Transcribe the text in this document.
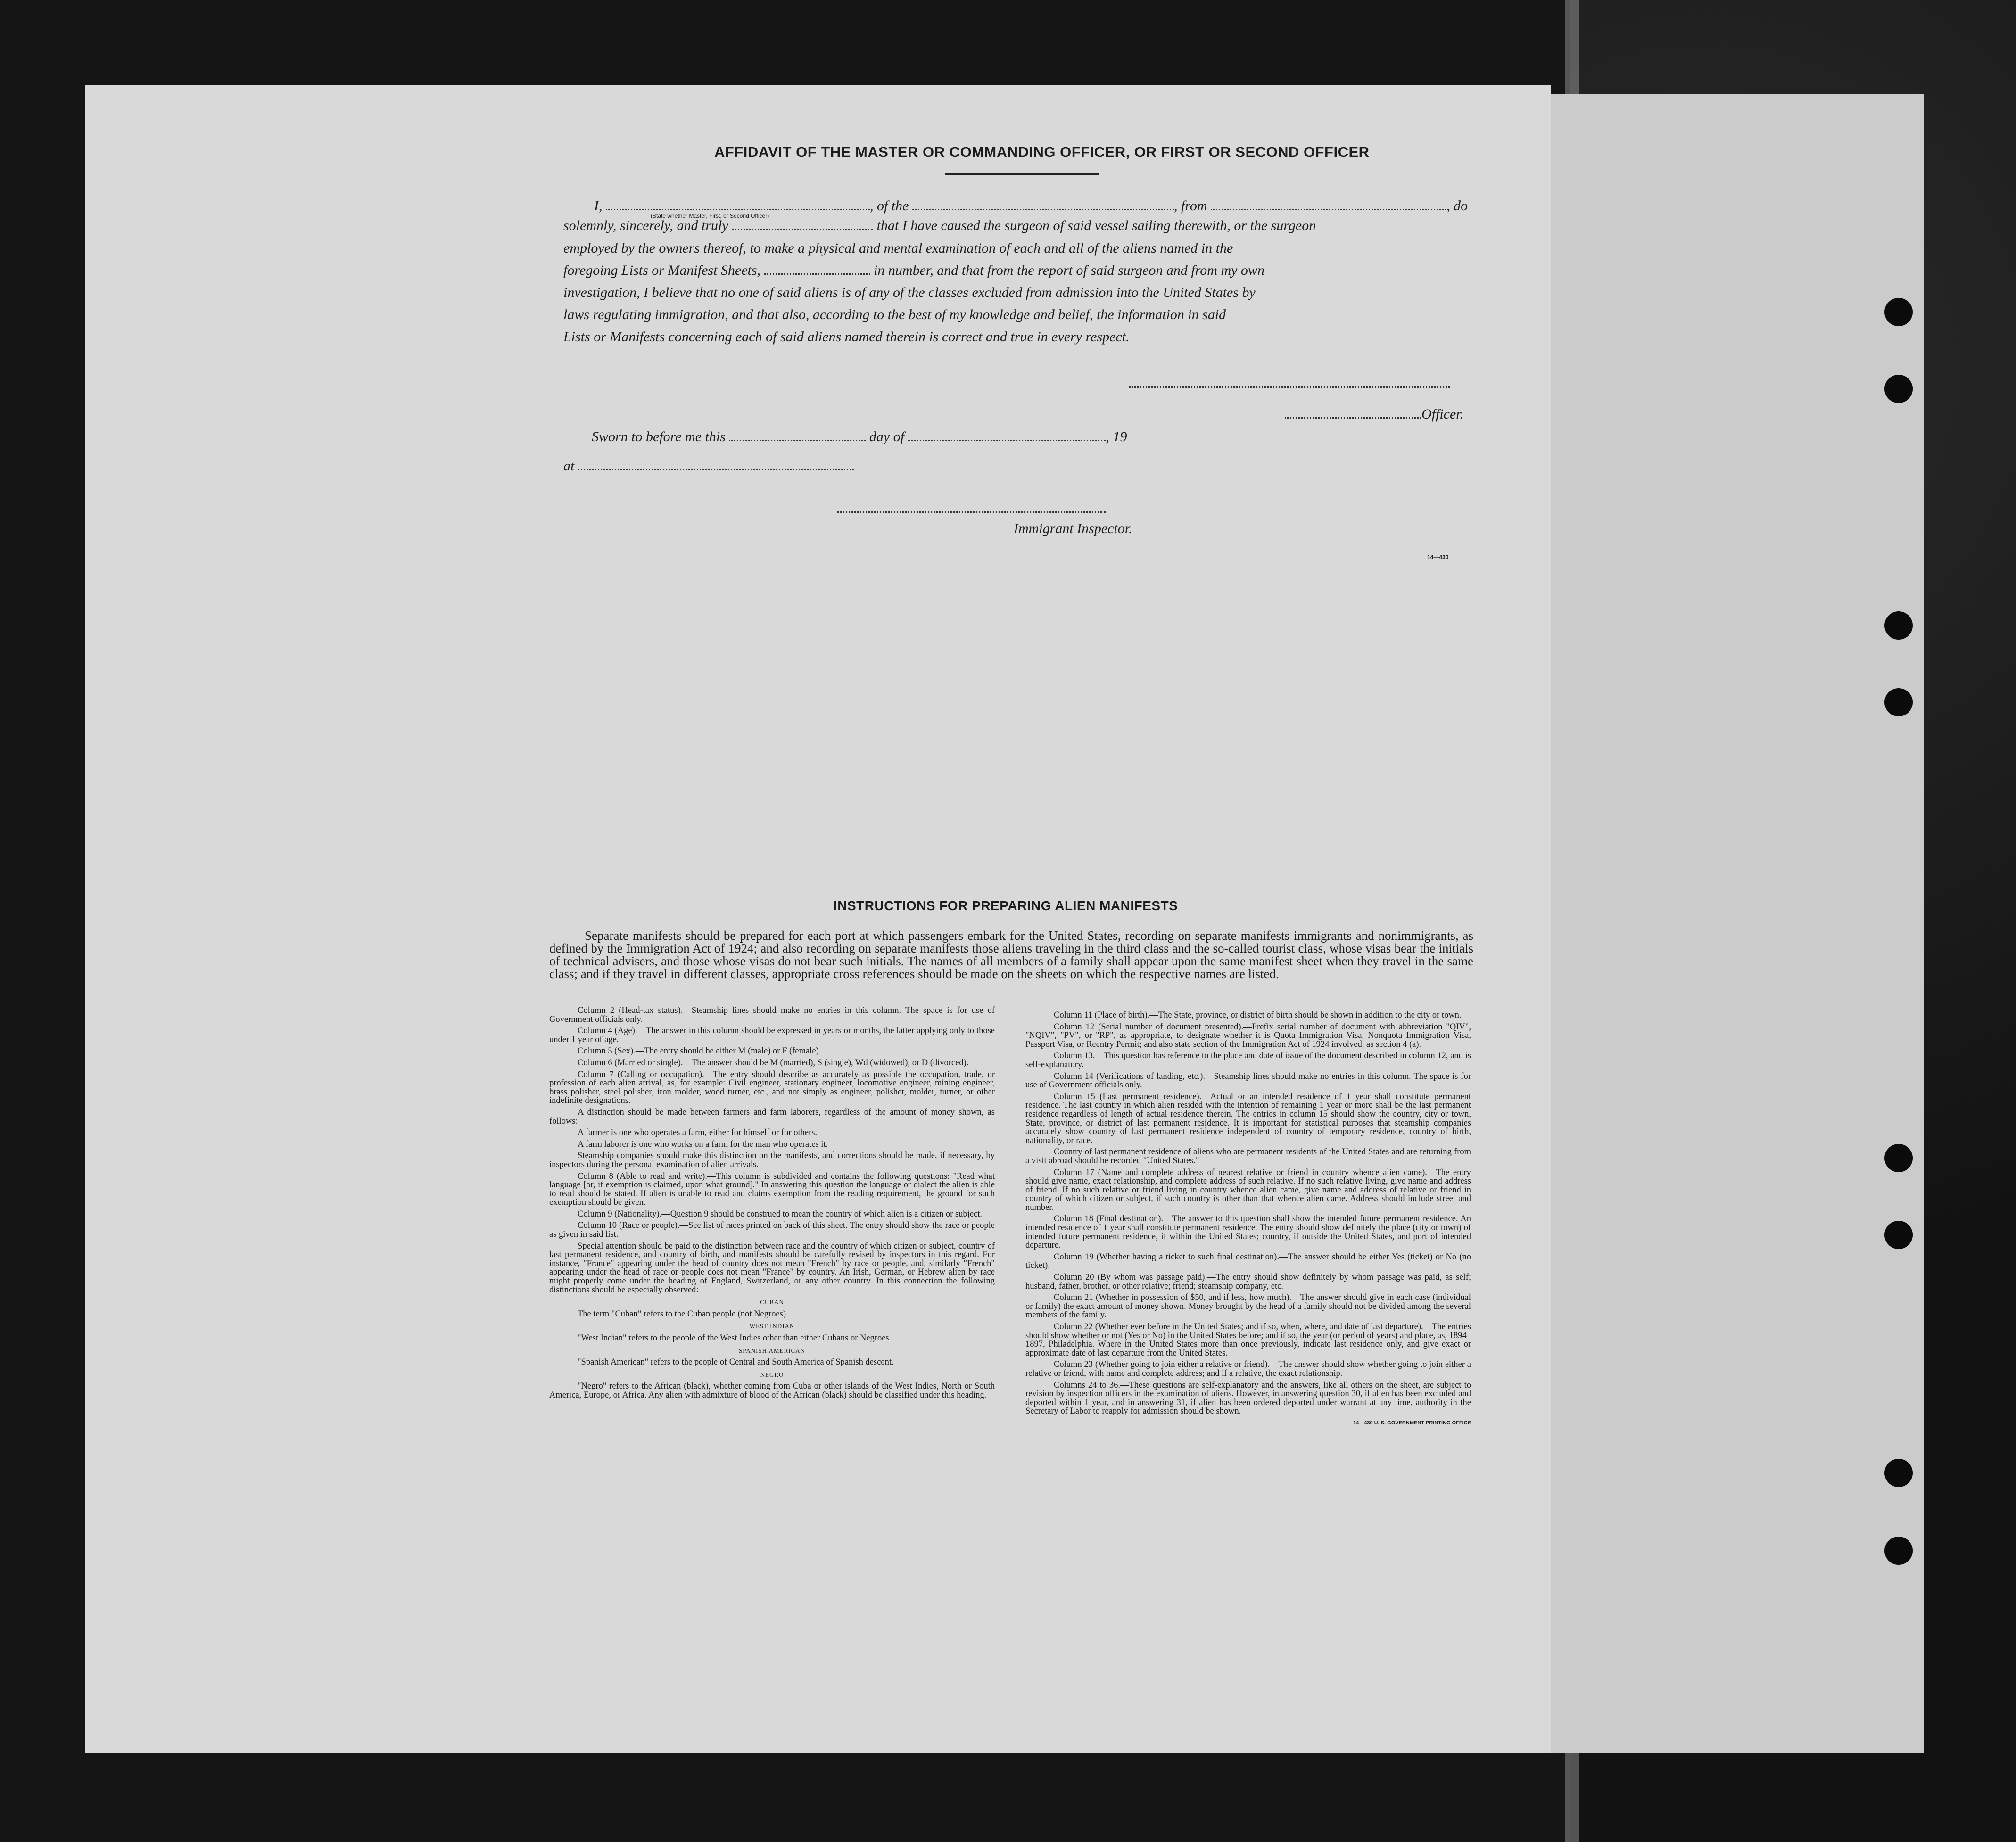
AFFIDAVIT OF THE MASTER OR COMMANDING OFFICER, OR FIRST OR SECOND OFFICER
I,	, of the	, from	, do
(State whether Master, First, or Second Officer)
solemnly, sincerely, and truly	that I have caused the surgeon of said vessel sailing therewith, or the surgeon
employed by the owners thereof, to make a physical and mental examination of each and all of the aliens named in the
foregoing Lists or Manifest Sheets,	in number, and that from the report of said surgeon and from my own
investigation, I believe that no one of said aliens is of any of the classes excluded from admission into the United States by
laws regulating immigration, and that also, according to the best of my knowledge and belief, the information in said
Lists or Manifests concerning each of said aliens named therein is correct and true in every respect.
Officer.
Sworn to before me this	day of	, 19
at
Immigrant Inspector.
14—430
INSTRUCTIONS FOR PREPARING ALIEN MANIFESTS
Separate manifests should be prepared for each port at which passengers embark for the United States, recording on separate manifests immigrants and nonimmigrants, as defined by the Immigration Act of 1924; and also recording on separate manifests those aliens traveling in the third class and the so-called tourist class, whose visas bear the initials of technical advisers, and those whose visas do not bear such initials. The names of all members of a family shall appear upon the same manifest sheet when they travel in the same class; and if they travel in different classes, appropriate cross references should be made on the sheets on which the respective names are listed.

Column 2 (Head-tax status).—Steamship lines should make no entries in this column. The space is for use of Government officials only.

Column 4 (Age).—The answer in this column should be expressed in years or months, the latter applying only to those under 1 year of age.

Column 5 (Sex).—The entry should be either M (male) or F (female).

Column 6 (Married or single).—The answer should be M (married), S (single), Wd (widowed), or D (divorced).

Column 7 (Calling or occupation).—The entry should describe as accurately as possible the occupation, trade, or profession of each alien arrival, as, for example: Civil engineer, stationary engineer, locomotive engineer, mining engineer, brass polisher, steel polisher, iron molder, wood turner, etc., and not simply as engineer, polisher, molder, turner, or other indefinite designations.

A distinction should be made between farmers and farm laborers, regardless of the amount of money shown, as follows:

A farmer is one who operates a farm, either for himself or for others.

A farm laborer is one who works on a farm for the man who operates it.

Steamship companies should make this distinction on the manifests, and corrections should be made, if necessary, by inspectors during the personal examination of alien arrivals.

Column 8 (Able to read and write).—This column is subdivided and contains the following questions: "Read what language [or, if exemption is claimed, upon what ground]." In answering this question the language or dialect the alien is able to read should be stated. If alien is unable to read and claims exemption from the reading requirement, the ground for such exemption should be given.

Column 9 (Nationality).—Question 9 should be construed to mean the country of which alien is a citizen or subject.

Column 10 (Race or people).—See list of races printed on back of this sheet. The entry should show the race or people as given in said list.

Special attention should be paid to the distinction between race and the country of which citizen or subject, country of last permanent residence, and country of birth, and manifests should be carefully revised by inspectors in this regard. For instance, "France" appearing under the head of country does not mean "French" by race or people, and, similarly "French" appearing under the head of race or people does not mean "France" by country. An Irish, German, or Hebrew alien by race might properly come under the heading of England, Switzerland, or any other country. In this connection the following distinctions should be especially observed:

CUBAN

The term "Cuban" refers to the Cuban people (not Negroes).

WEST INDIAN

"West Indian" refers to the people of the West Indies other than either Cubans or Negroes.

SPANISH AMERICAN

"Spanish American" refers to the people of Central and South America of Spanish descent.

NEGRO

"Negro" refers to the African (black), whether coming from Cuba or other islands of the West Indies, North or South America, Europe, or Africa. Any alien with admixture of blood of the African (black) should be classified under this heading.

Column 11 (Place of birth).—The State, province, or district of birth should be shown in addition to the city or town.

Column 12 (Serial number of document presented).—Prefix serial number of document with abbreviation "QIV", "NQIV", "PV", or "RP", as appropriate, to designate whether it is Quota Immigration Visa, Nonquota Immigration Visa, Passport Visa, or Reentry Permit; and also state section of the Immigration Act of 1924 involved, as section 4 (a).

Column 13.—This question has reference to the place and date of issue of the document described in column 12, and is self-explanatory.

Column 14 (Verifications of landing, etc.).—Steamship lines should make no entries in this column. The space is for use of Government officials only.

Column 15 (Last permanent residence).—Actual or an intended residence of 1 year shall constitute permanent residence. The last country in which alien resided with the intention of remaining 1 year or more shall be the last permanent residence regardless of length of actual residence therein. The entries in column 15 should show the country, city or town, State, province, or district of last permanent residence. It is important for statistical purposes that steamship companies accurately show country of last permanent residence independent of country of temporary residence, country of birth, nationality, or race.

Country of last permanent residence of aliens who are permanent residents of the United States and are returning from a visit abroad should be recorded "United States."

Column 17 (Name and complete address of nearest relative or friend in country whence alien came).—The entry should give name, exact relationship, and complete address of such relative. If no such relative living, give name and address of friend. If no such relative or friend living in country whence alien came, give name and address of relative or friend in country of which citizen or subject, if such country is other than that whence alien came. Address should include street and number.

Column 18 (Final destination).—The answer to this question shall show the intended future permanent residence. An intended residence of 1 year shall constitute permanent residence. The entry should show definitely the place (city or town) of intended future permanent residence, if within the United States; country, if outside the United States, and port of intended departure.

Column 19 (Whether having a ticket to such final destination).—The answer should be either Yes (ticket) or No (no ticket).

Column 20 (By whom was passage paid).—The entry should show definitely by whom passage was paid, as self; husband, father, brother, or other relative; friend; steamship company, etc.

Column 21 (Whether in possession of $50, and if less, how much).—The answer should give in each case (individual or family) the exact amount of money shown. Money brought by the head of a family should not be divided among the several members of the family.

Column 22 (Whether ever before in the United States; and if so, when, where, and date of last departure).—The entries should show whether or not (Yes or No) in the United States before; and if so, the year (or period of years) and place, as, 1894–1897, Philadelphia. Where in the United States more than once previously, indicate last residence only, and give exact or approximate date of last departure from the United States.

Column 23 (Whether going to join either a relative or friend).—The answer should show whether going to join either a relative or friend, with name and complete address; and if a relative, the exact relationship.

Columns 24 to 36.—These questions are self-explanatory and the answers, like all others on the sheet, are subject to revision by inspection officers in the examination of aliens. However, in answering question 30, if alien has been excluded and deported within 1 year, and in answering 31, if alien has been ordered deported under warrant at any time, authority in the Secretary of Labor to reapply for admission should be shown.

14—430 U. S. GOVERNMENT PRINTING OFFICE
